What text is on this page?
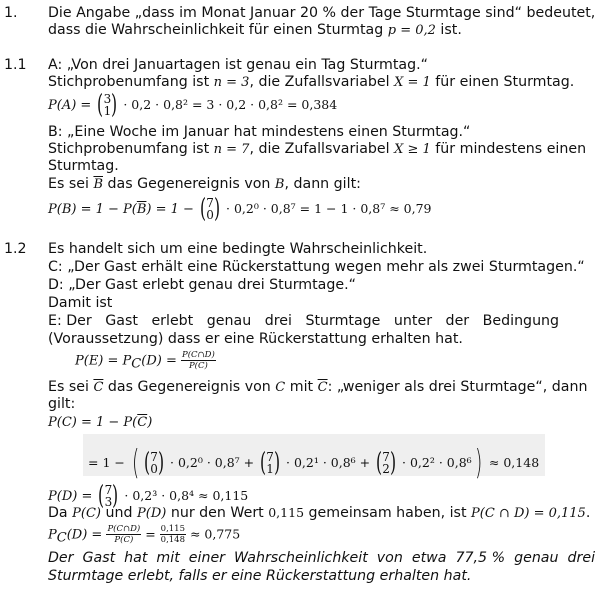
1. Die Angabe „dass im Monat Januar 20 % der Tage Sturmtage sind“ bedeutet,
dass die Wahrscheinlichkeit für einen Sturmtag p = 0,2 ist.
1.1 A: „Von drei Januartagen ist genau ein Tag Sturmtag.“
Stichprobenumfang ist n = 3, die Zufallsvariabel X = 1 für einen Sturmtag.
P(A) = (3
1) · 0,2 · 0,8² = 3 · 0,2 · 0,8² = 0,384
B: „Eine Woche im Januar hat mindestens einen Sturmtag.“
Stichprobenumfang ist n = 7, die Zufallsvariabel X ≥ 1 für mindestens einen
Sturmtag.
Es sei $\overline{B}$ das Gegenereignis von B, dann gilt:
$P(B) = 1 - P(\overline{B}) = 1 - (7$
0) · 0,2⁰ · 0,8⁷ = 1 − 1 · 0,8⁷ ≈ 0,79
1.2 Es handelt sich um eine bedingte Wahrscheinlichkeit.
C: „Der Gast erhält eine Rückerstattung wegen mehr als zwei Sturmtagen.“
D: „Der Gast erlebt genau drei Sturmtage.“
Damit ist
E: Der   Gast   erlebt   genau   drei   Sturmtage   unter   der   Bedingung
(Voraussetzung) dass er eine Rückerstattung erhalten hat.
$P(E) = P_C(D) = \frac{P(C\cap D)}{P(C)}$
Es sei $\overline{C}$ das Gegenereignis von C mit $\overline{C}$: „weniger als drei Sturmtage“, dann
gilt:
$P(C) = 1 - P(\overline{C})$
= 1 − ( (7
0) · 0,2⁰ · 0,8⁷ + (7
1) · 0,2¹ · 0,8⁶ + (7
2) · 0,2² · 0,8⁶) ≈ 0,148
P(D) = (7
3) · 0,2³ · 0,8⁴ ≈ 0,115
Da P(C) und P(D) nur den Wert 0,115 gemeinsam haben, ist P(C ∩ D) = 0,115.
$P_C(D) = \frac{P(C\cap D)}{P(C)} = \frac{0,115}{0,148} \approx 0,775$
Der  Gast  hat  mit  einer  Wahrscheinlichkeit  von  etwa  77,5 %  genau  drei
Sturmtage erlebt, falls er eine Rückerstattung erhalten hat.
